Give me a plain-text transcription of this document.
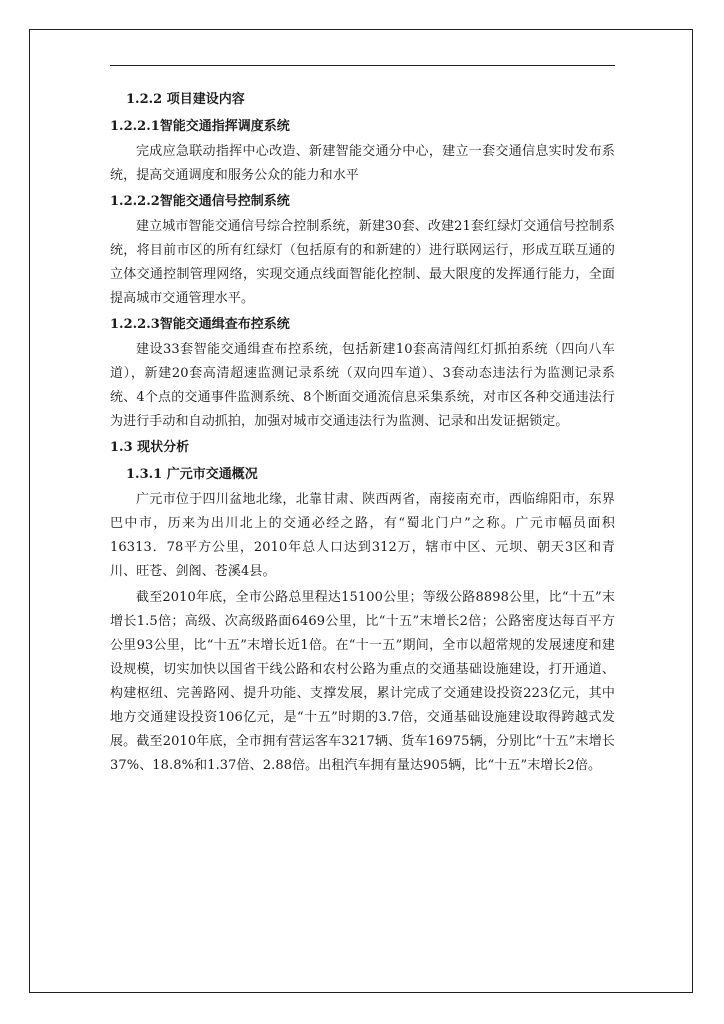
1.2.2 项目建设内容
1.2.2.1智能交通指挥调度系统

完成应急联动指挥中心改造、新建智能交通分中心，建立一套交通信息实时发布系统，提高交通调度和服务公众的能力和水平

1.2.2.2智能交通信号控制系统

建立城市智能交通信号综合控制系统，新建30套、改建21套红绿灯交通信号控制系统，将目前市区的所有红绿灯（包括原有的和新建的）进行联网运行，形成互联互通的立体交通控制管理网络，实现交通点线面智能化控制、最大限度的发挥通行能力，全面提高城市交通管理水平。

1.2.2.3智能交通缉查布控系统

建设33套智能交通缉查布控系统，包括新建10套高清闯红灯抓拍系统（四向八车道），新建20套高清超速监测记录系统（双向四车道）、3套动态违法行为监测记录系统、4个点的交通事件监测系统、8个断面交通流信息采集系统，对市区各种交通违法行为进行手动和自动抓拍，加强对城市交通违法行为监测、记录和出发证据锁定。

1.3 现状分析
1.3.1 广元市交通概况

广元市位于四川盆地北缘，北靠甘肃、陕西两省，南接南充市，西临绵阳市，东界巴中市，历来为出川北上的交通必经之路，有“蜀北门户”之称。广元市幅员面积16313．78平方公里，2010年总人口达到312万，辖市中区、元坝、朝天3区和青川、旺苍、剑阁、苍溪4县。

截至2010年底，全市公路总里程达15100公里；等级公路8898公里，比“十五”末增长1.5倍；高级、次高级路面6469公里，比“十五”末增长2倍；公路密度达每百平方公里93公里，比“十五”末增长近1倍。在“十一五”期间，全市以超常规的发展速度和建设规模，切实加快以国省干线公路和农村公路为重点的交通基础设施建设，打开通道、构建枢纽、完善路网、提升功能、支撑发展，累计完成了交通建设投资223亿元，其中地方交通建设投资106亿元，是“十五”时期的3.7倍，交通基础设施建设取得跨越式发展。截至2010年底，全市拥有营运客车3217辆、货车16975辆，分别比“十五”末增长37%、18.8%和1.37倍、2.88倍。出租汽车拥有量达905辆，比“十五”末增长2倍。
